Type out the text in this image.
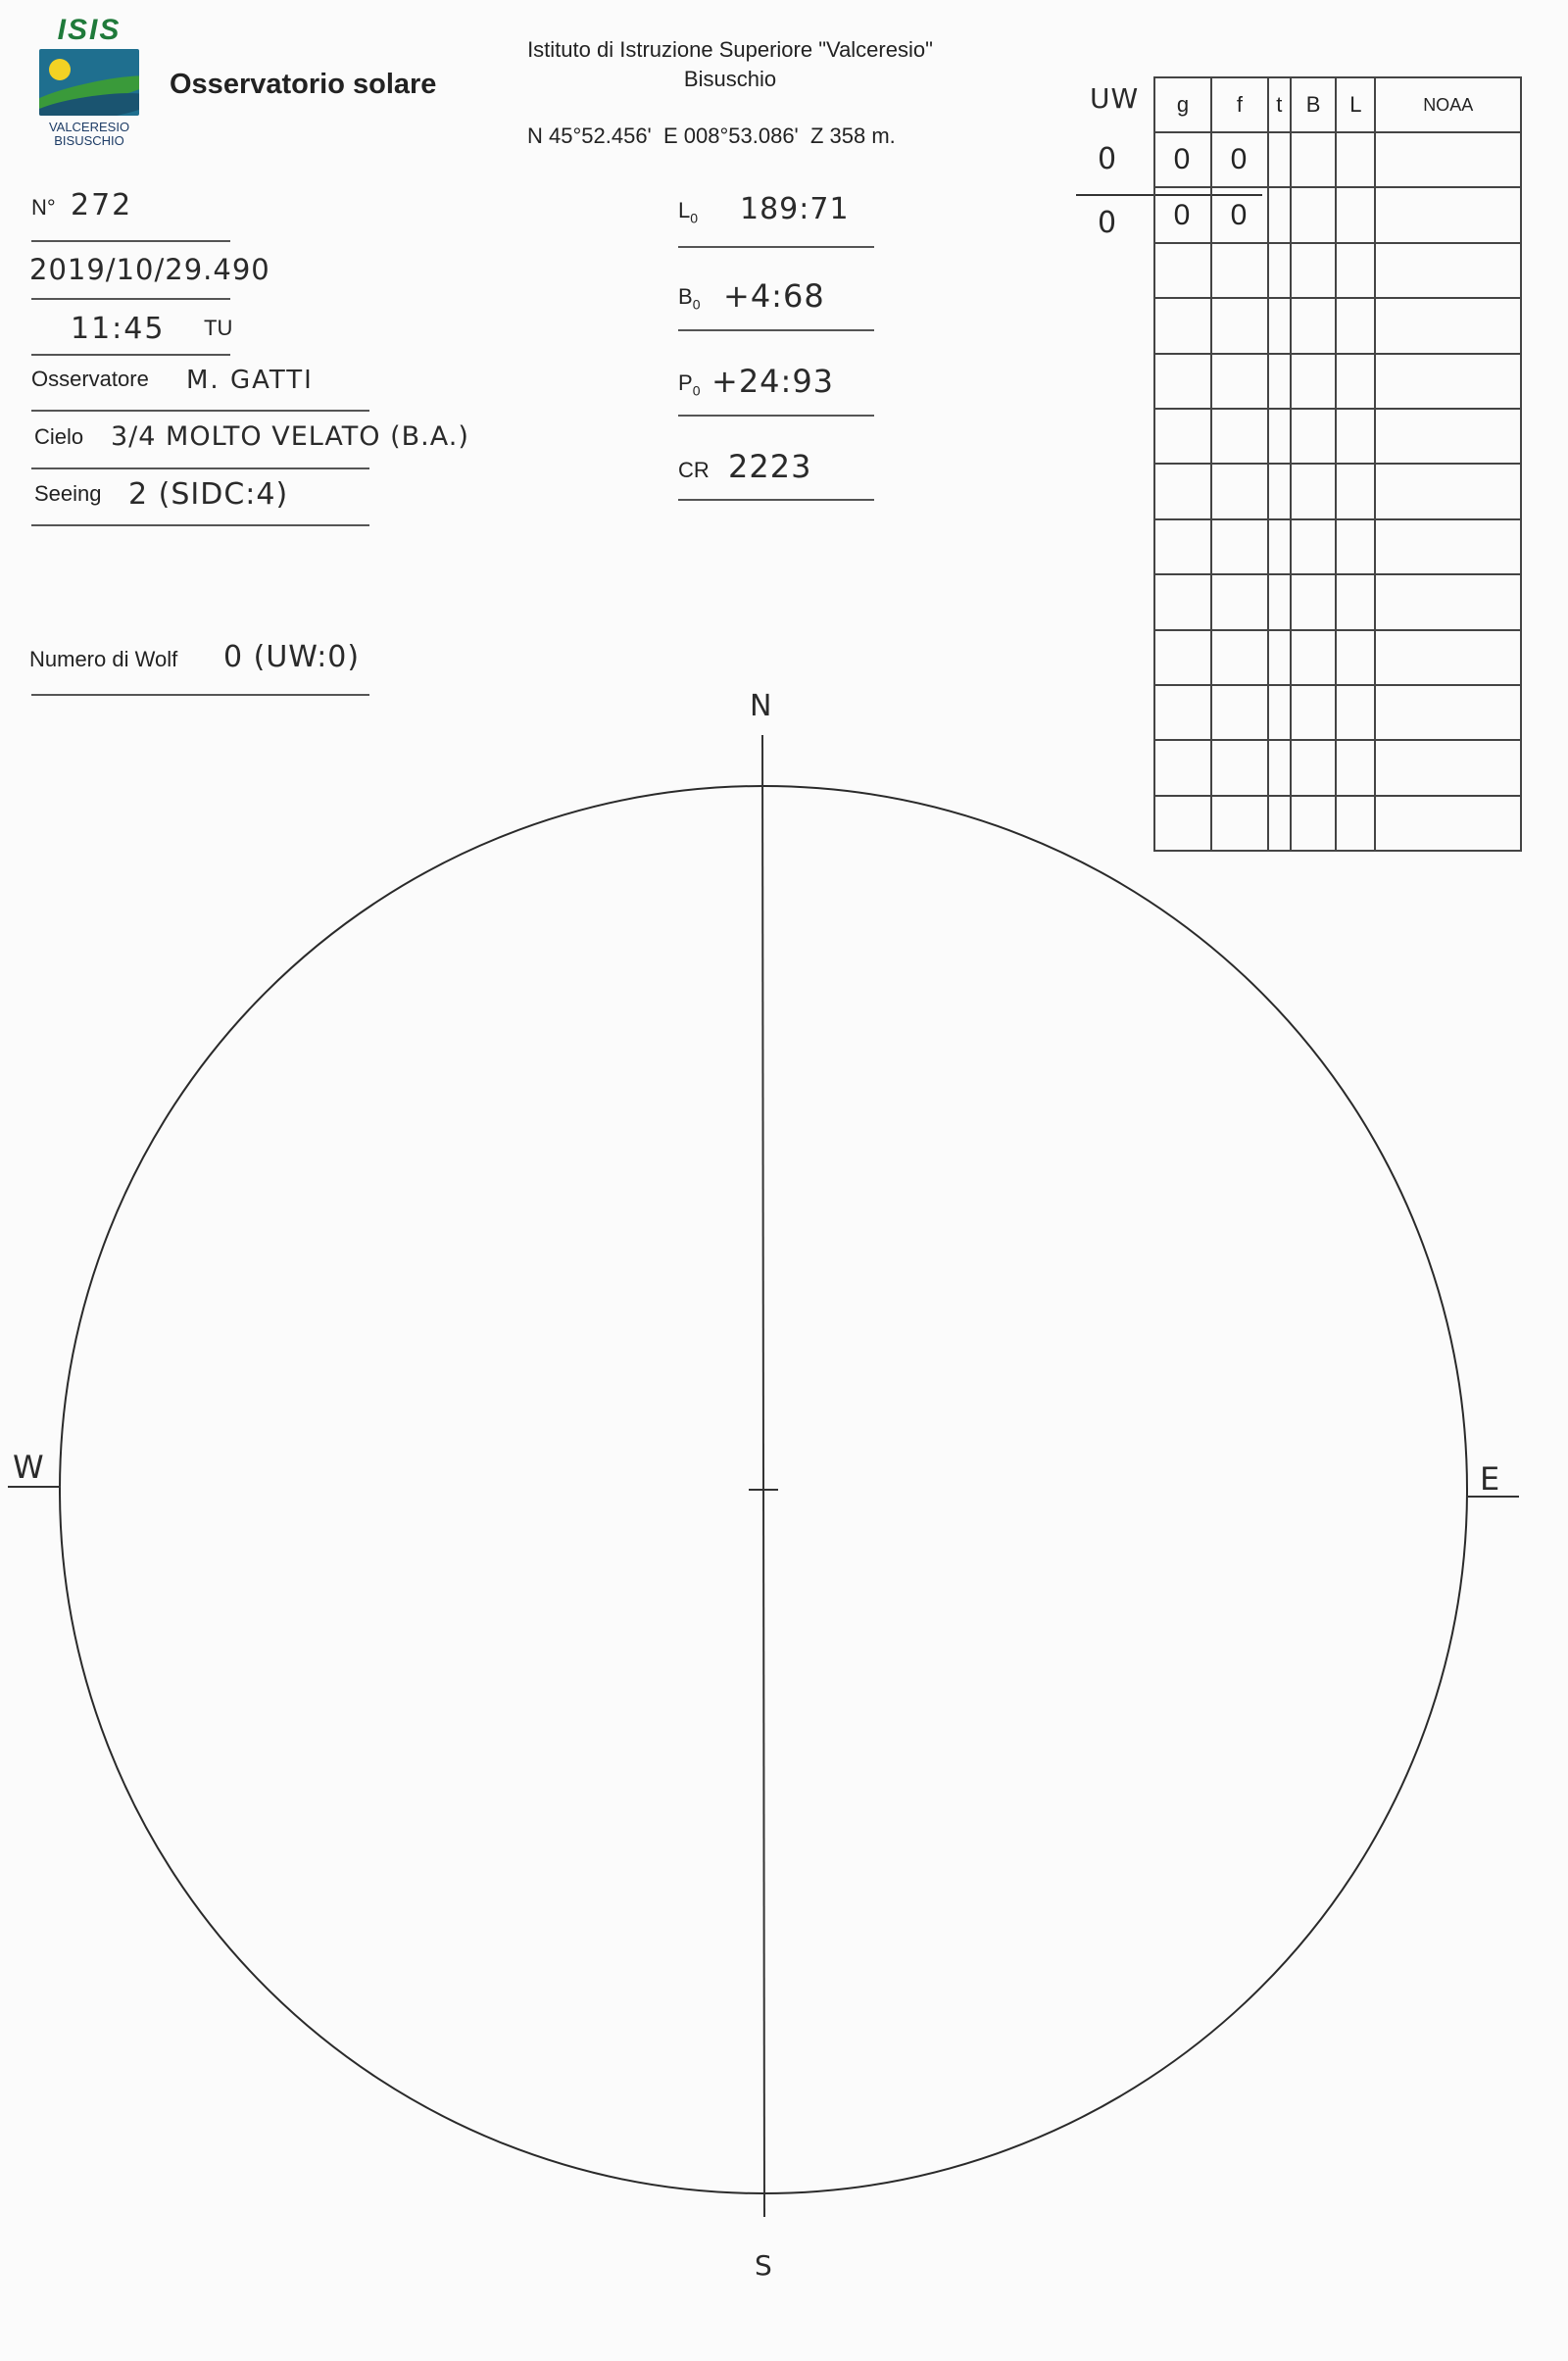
ISIS
VALCERESIO
BISUSCHIO
Osservatorio solare
Istituto di Istruzione Superiore "Valceresio"
Bisuschio
N 45°52.456'  E 008°53.086'  Z 358 m.
N° 272
2019/10/29.490
11:45 TU
Osservatore M. GATTI
Cielo 3/4 MOLTO VELATO (B.A.)
Seeing 2 (SIDC:4)
Numero di Wolf 0 (UW:0)
$L_0$ 189:71
$B_0$ +4:68
$P_0$ +24:93
CR 2223
UW
0
0
g	f	t	B	L	NOAA
0	0				
0	0				

N
S
E
W
